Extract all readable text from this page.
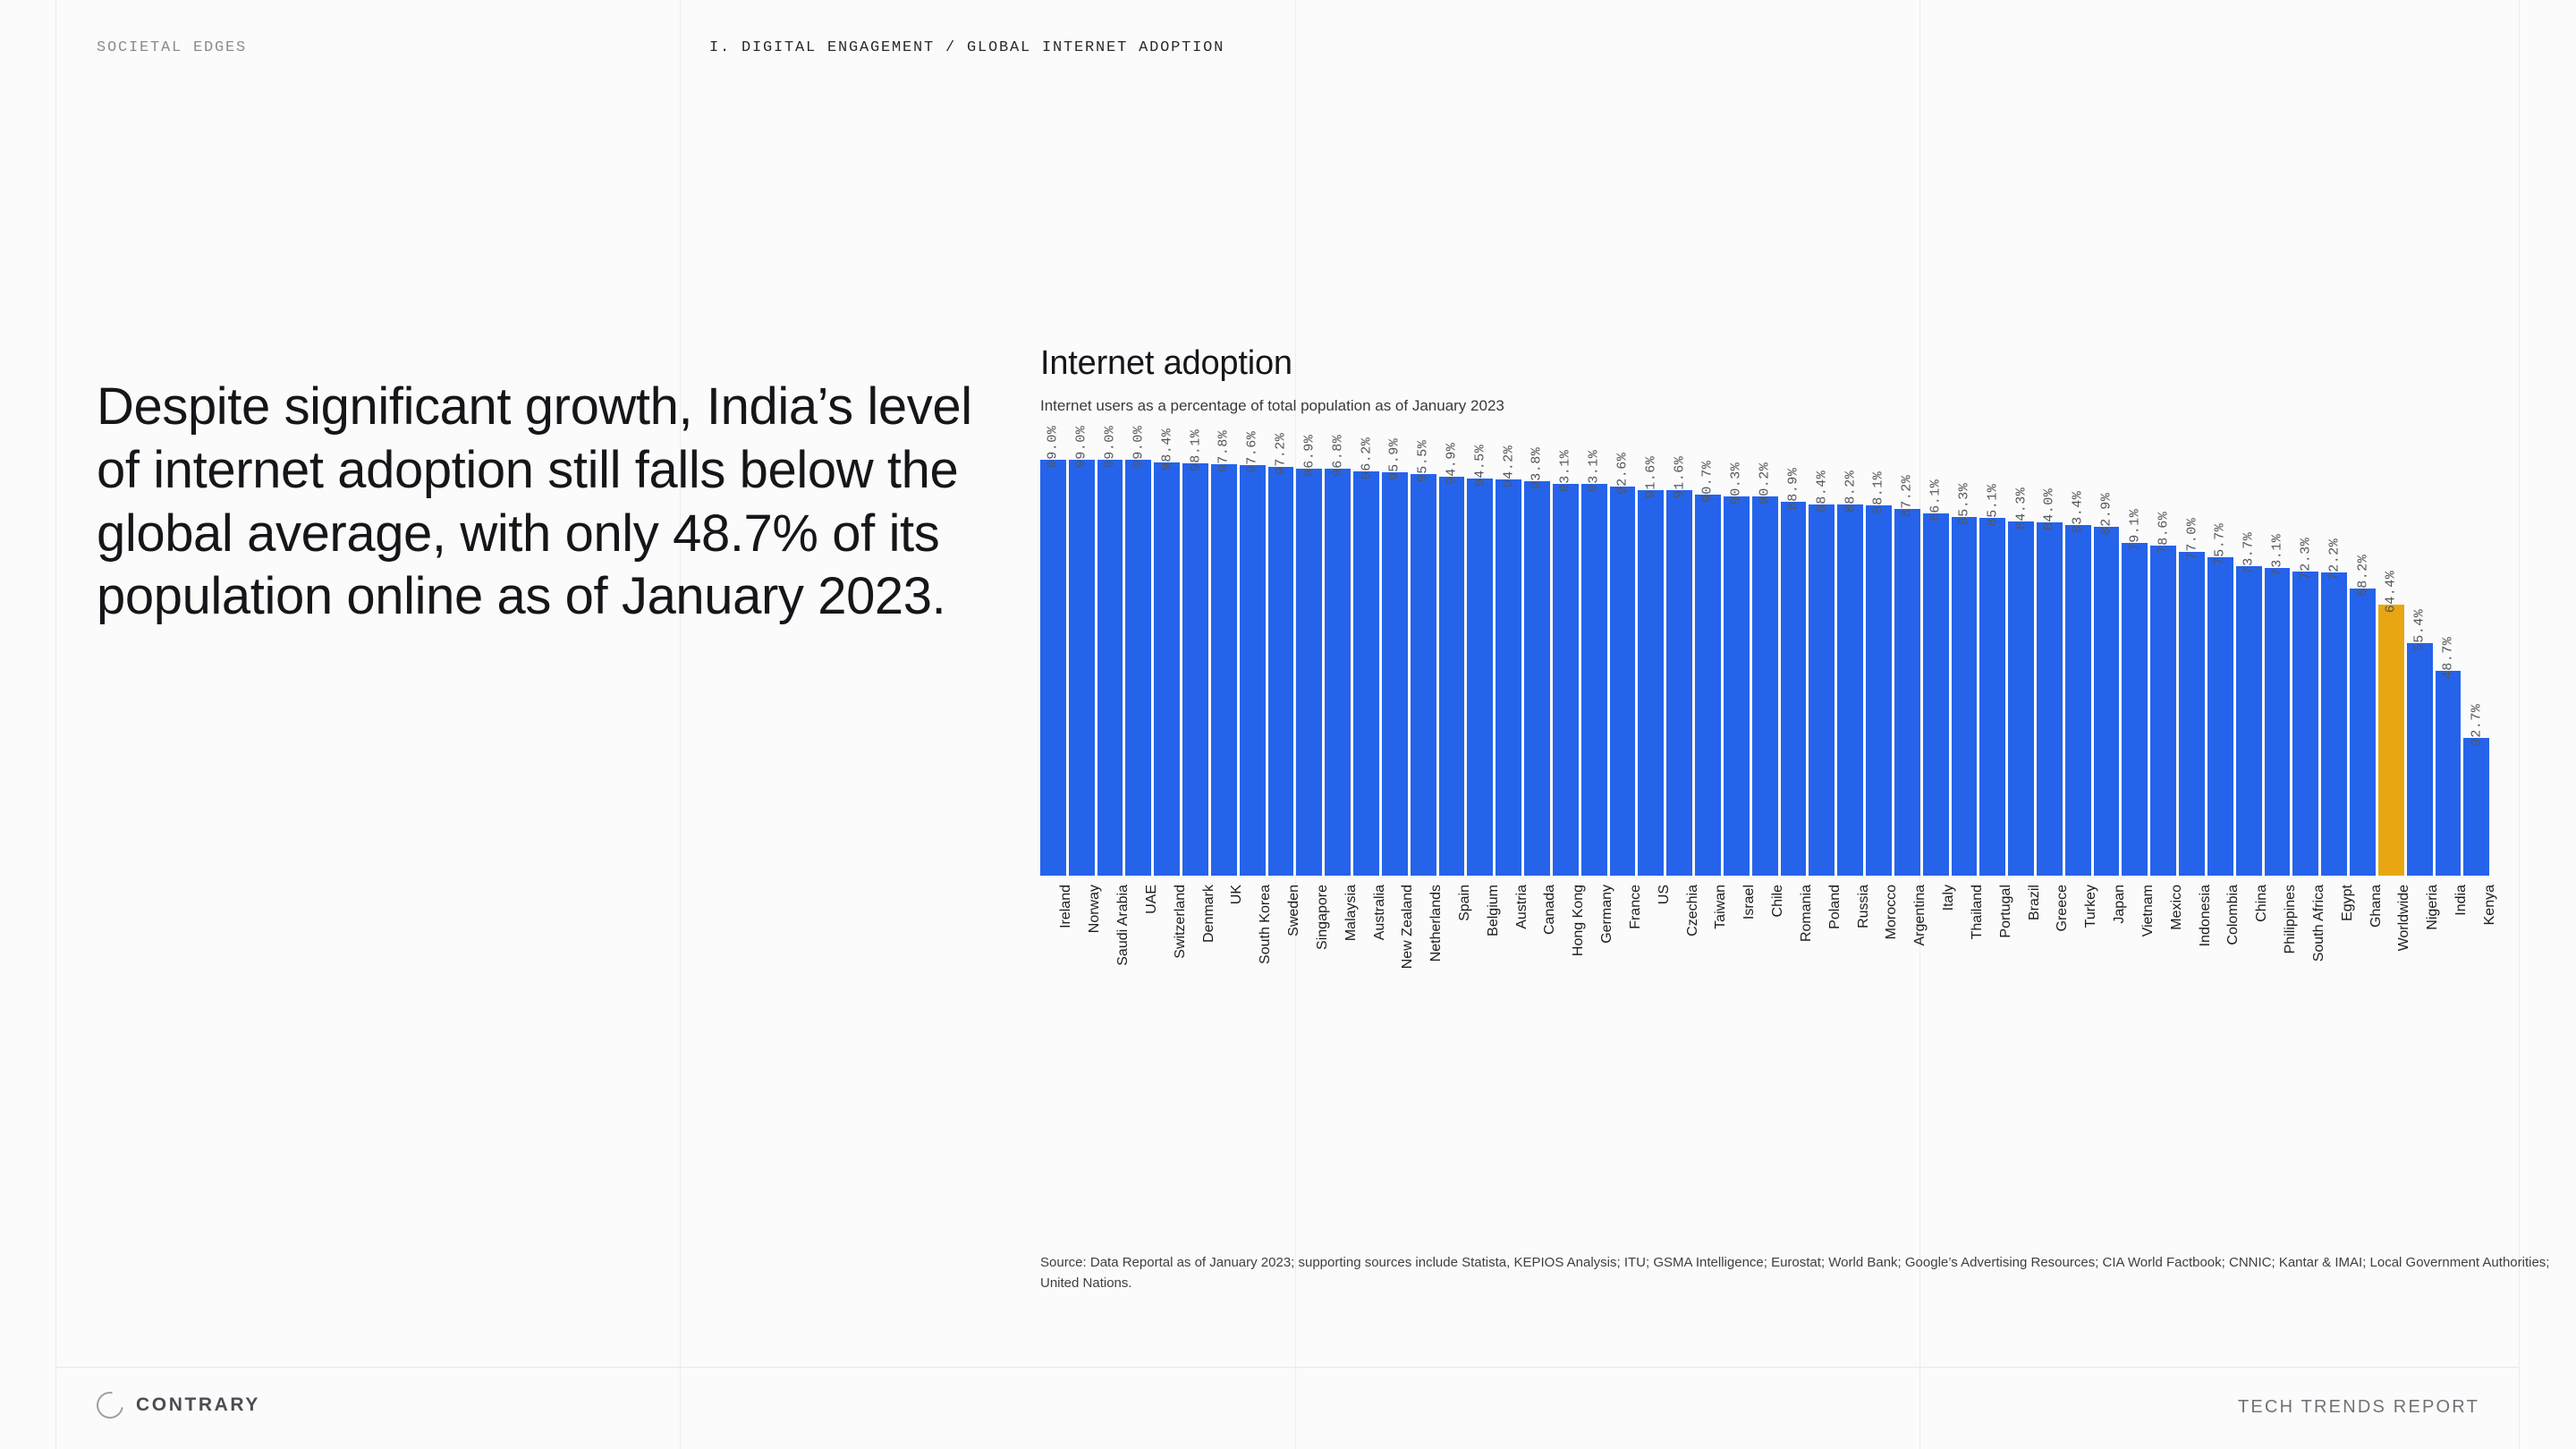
SOCIETAL EDGES	I. DIGITAL ENGAGEMENT / GLOBAL INTERNET ADOPTION
Despite significant growth, India’s level of internet adoption still falls below the global average, with only 48.7% of its population online as of January 2023.
Internet adoption
Internet users as a percentage of total population as of January 2023
99.0% 99.0% 99.0% 99.0% 98.4% 98.1% 97.8% 97.6% 97.2% 96.9% 96.8% 96.2% 95.9% 95.5% 94.9% 94.5% 94.2% 93.8% 93.1% 93.1% 92.6% 91.6% 91.6% 90.7% 90.3% 90.2% 88.9% 88.4% 88.2% 88.1% 87.2% 86.1% 85.3% 85.1% 84.3% 84.0% 83.4% 82.9% 79.1% 78.6% 77.0% 75.7% 73.7% 73.1% 72.3% 72.2% 68.2% 64.4%
55.4%
48.7%
32.7%
Ireland Norway Saudi Arabia UAE Switzerland Denmark UK South Korea Sweden Singapore Malaysia Australia New Zealand Netherlands Spain Belgium Austria Canada Hong Kong Germany France US Czechia Taiwan Israel Chile Romania Poland Russia Morocco Argentina Italy Thailand Portugal Brazil Greece Turkey Japan Vietnam Mexico Indonesia Colombia China Philippines South Africa Egypt Ghana Worldwide Nigeria India Kenya
Source: Data Reportal as of January 2023; supporting sources include Statista, KEPIOS Analysis; ITU; GSMA Intelligence; Eurostat; World Bank; Google’s Advertising Resources; CIA World Factbook; CNNIC; Kantar & IMAI; Local Government Authorities; United Nations.
CONTRARY	TECH TRENDS REPORT
